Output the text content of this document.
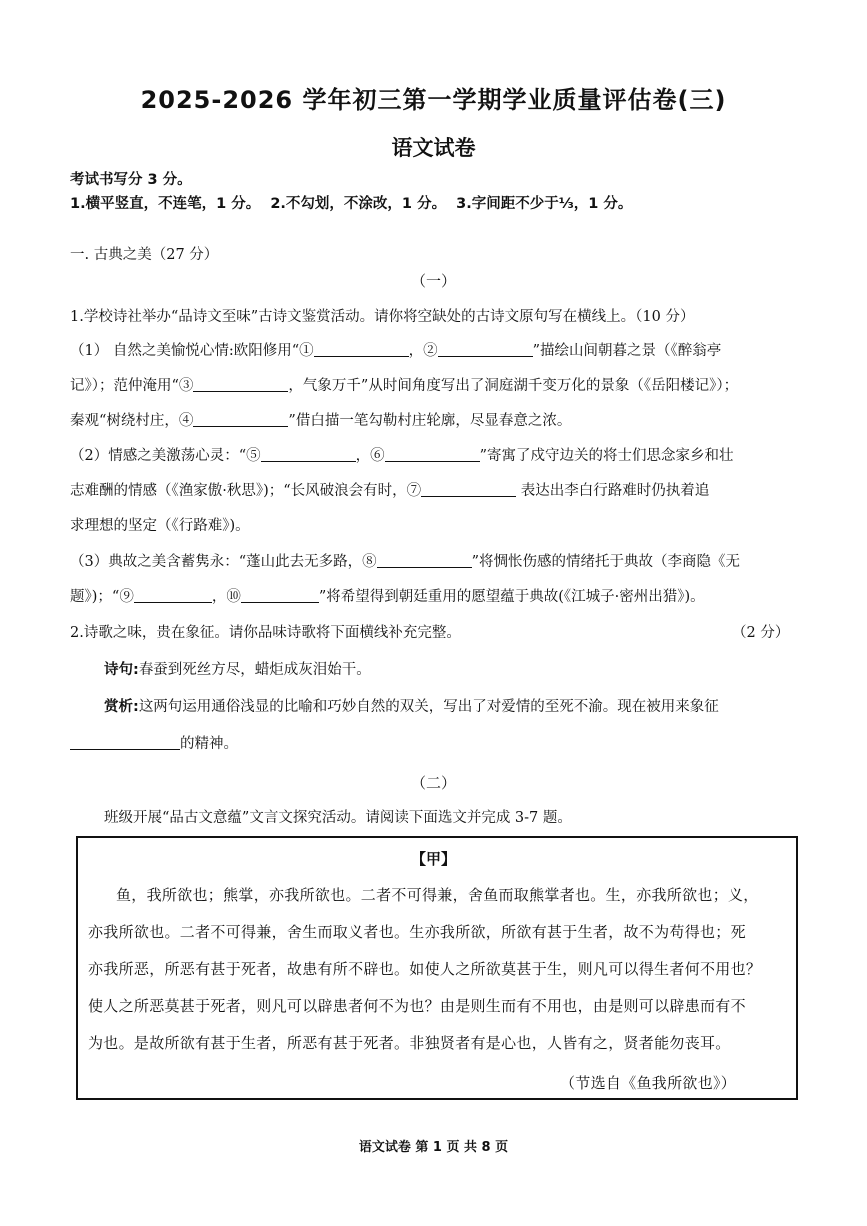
2025-2026 学年初三第一学期学业质量评估卷(三)
语文试卷
考试书写分 3 分。
1.横平竖直，不连笔，1 分。  2.不勾划，不涂改，1 分。  3.字间距不少于⅓，1 分。
一. 古典之美（27 分）
（一）
1.学校诗社举办“品诗文至味”古诗文鉴赏活动。请你将空缺处的古诗文原句写在横线上。（10 分）
（1） 自然之美愉悦心情:欧阳修用“①	，②	”描绘山间朝暮之景（《醉翁亭
记》）；范仲淹用“③	，气象万千”从时间角度写出了洞庭湖千变万化的景象（《岳阳楼记》）；
秦观“树绕村庄，④	”借白描一笔勾勒村庄轮廓，尽显春意之浓。
（2）情感之美激荡心灵：“⑤	，⑥	”寄寓了戍守边关的将士们思念家乡和壮
志难酬的情感（《渔家傲·秋思》)；“长风破浪会有时，⑦	表达出李白行路难时仍执着追
求理想的坚定（《行路难》)。
（3）典故之美含蓄隽永：“蓬山此去无多路，⑧	”将惆怅伤感的情绪托于典故（李商隐《无
题》)；“⑨	，⑩	”将希望得到朝廷重用的愿望蕴于典故(《江城子·密州出猎》)。
2.诗歌之味，贵在象征。请你品味诗歌将下面横线补充完整。	（2 分）
诗句:春蚕到死丝方尽，蜡炬成灰泪始干。
赏析:这两句运用通俗浅显的比喻和巧妙自然的双关，写出了对爱情的至死不渝。现在被用来象征
的精神。
（二）
班级开展“品古文意蕴”文言文探究活动。请阅读下面选文并完成 3-7 题。
【甲】
鱼，我所欲也；熊掌，亦我所欲也。二者不可得兼，舍鱼而取熊掌者也。生，亦我所欲也；义，
亦我所欲也。二者不可得兼，舍生而取义者也。生亦我所欲，所欲有甚于生者，故不为苟得也；死
亦我所恶，所恶有甚于死者，故患有所不辟也。如使人之所欲莫甚于生，则凡可以得生者何不用也？
使人之所恶莫甚于死者，则凡可以辟患者何不为也？由是则生而有不用也，由是则可以辟患而有不
为也。是故所欲有甚于生者，所恶有甚于死者。非独贤者有是心也，人皆有之，贤者能勿丧耳。
（节选自《鱼我所欲也》）
语文试卷 第 1 页 共 8 页
